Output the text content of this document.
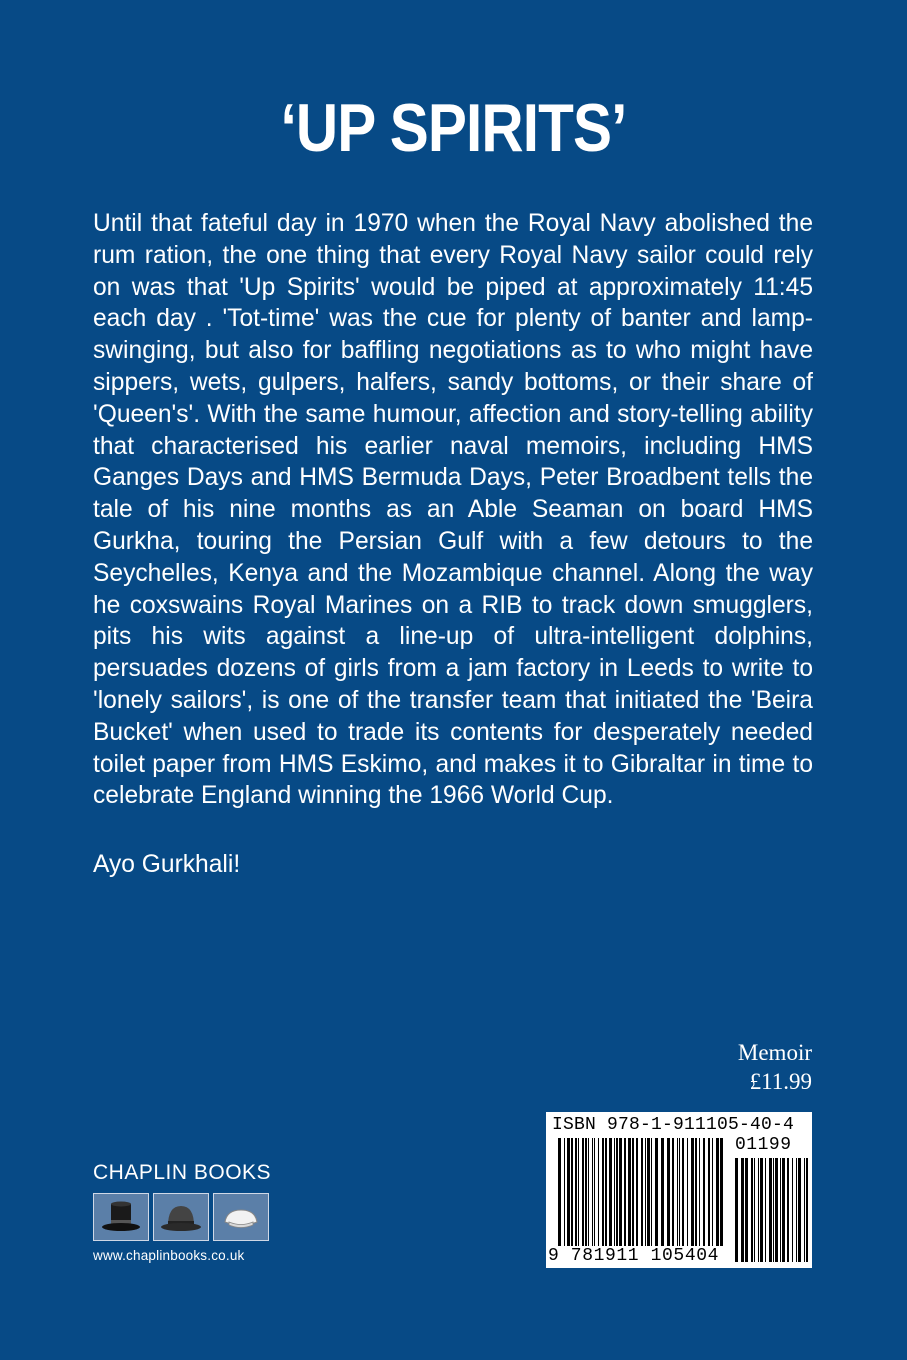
‘UP SPIRITS’

Until that fateful day in 1970 when the Royal Navy abolished the rum ration, the one thing that every Royal Navy sailor could rely on was that 'Up Spirits' would be piped at approximately 11:45 each day . 'Tot-time' was the cue for plenty of banter and lamp-swinging, but also for baffling negotiations as to who might have sippers, wets, gulpers, halfers, sandy bottoms, or their share of 'Queen's'. With the same humour, affection and story-telling ability that characterised his earlier naval memoirs, including HMS Ganges Days and HMS Bermuda Days, Peter Broadbent tells the tale of his nine months as an Able Seaman on board HMS Gurkha, touring the Persian Gulf with a few detours to the Seychelles, Kenya and the Mozambique channel. Along the way he coxswains Royal Marines on a RIB to track down smugglers, pits his wits against a line-up of ultra-intelligent dolphins, persuades dozens of girls from a jam factory in Leeds to write to 'lonely sailors', is one of the transfer team that initiated the 'Beira Bucket' when used to trade its contents for desperately needed toilet paper from HMS Eskimo, and makes it to Gibraltar in time to celebrate England winning the 1966 World Cup.

Ayo Gurkhali!

Memoir
£11.99
ISBN 978-1-911105-40-4
01199
9 781911 105404
CHAPLIN BOOKS
www.chaplinbooks.co.uk
